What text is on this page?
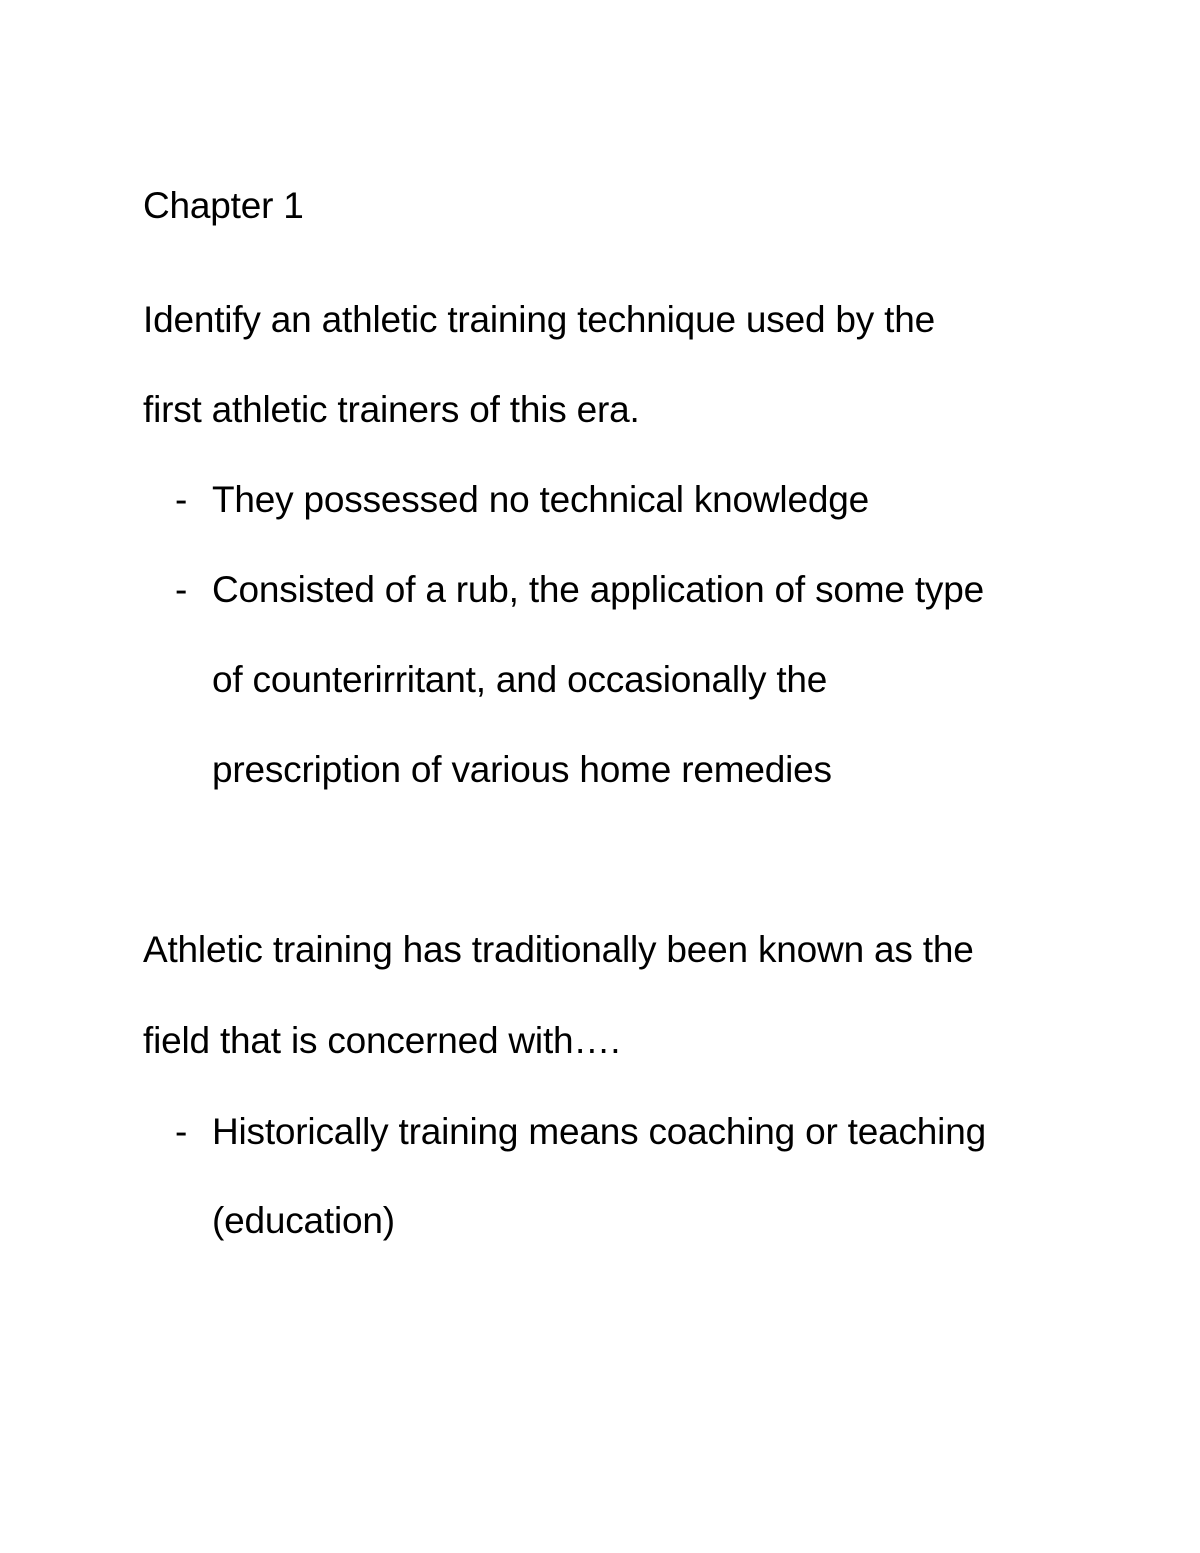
Chapter 1
Identify an athletic training technique used by the
first athletic trainers of this era.
- They possessed no technical knowledge
- Consisted of a rub, the application of some type
of counterirritant, and occasionally the
prescription of various home remedies
Athletic training has traditionally been known as the
field that is concerned with….
- Historically training means coaching or teaching
(education)
